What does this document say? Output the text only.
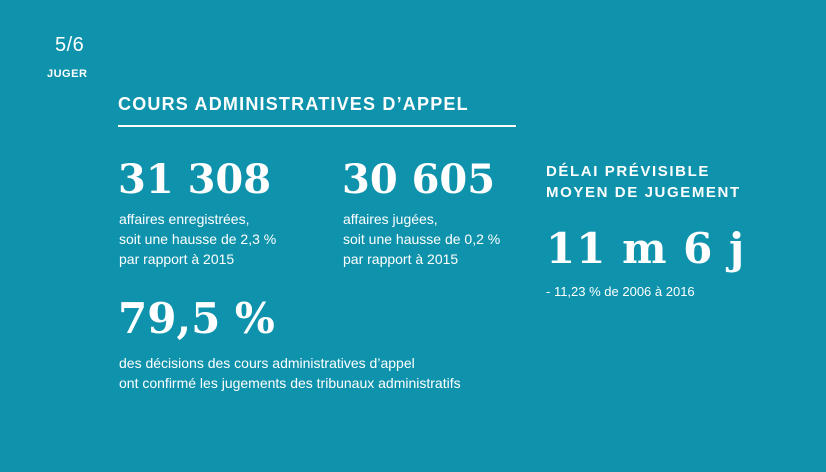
5/6
JUGER
COURS ADMINISTRATIVES D’APPEL
31 308
affaires enregistrées,
soit une hausse de 2,3 %
par rapport à 2015
30 605
affaires jugées,
soit une hausse de 0,2 %
par rapport à 2015
79,5 %
des décisions des cours administratives d’appel
ont confirmé les jugements des tribunaux administratifs
DÉLAI PRÉVISIBLE
MOYEN DE JUGEMENT
11 m 6 j
- 11,23 % de 2006 à 2016
